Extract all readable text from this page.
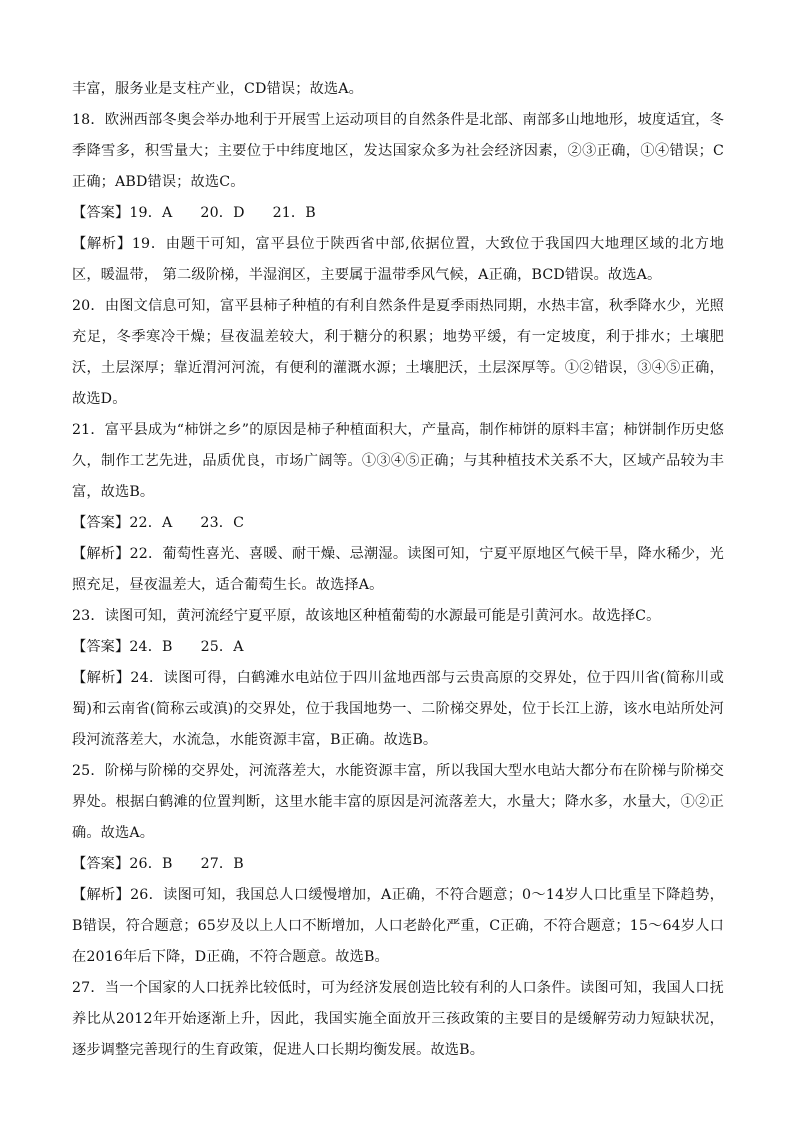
丰富，服务业是支柱产业，CD错误；故选A。

18．欧洲西部冬奥会举办地利于开展雪上运动项目的自然条件是北部、南部多山地地形，坡度适宜，冬季降雪多，积雪量大；主要位于中纬度地区，发达国家众多为社会经济因素，②③正确，①④错误；C正确；ABD错误；故选C。

【答案】19．A      20．D      21．B

【解析】19．由题干可知，富平县位于陕西省中部,依据位置，大致位于我国四大地理区域的北方地区，暖温带， 第二级阶梯，半湿润区，主要属于温带季风气候，A正确，BCD错误。故选A。

20．由图文信息可知，富平县柿子种植的有利自然条件是夏季雨热同期，水热丰富，秋季降水少，光照充足，冬季寒冷干燥；昼夜温差较大，利于糖分的积累；地势平缓，有一定坡度，利于排水；土壤肥沃，土层深厚；靠近渭河河流，有便利的灌溉水源；土壤肥沃，土层深厚等。①②错误，③④⑤正确，故选D。

21．富平县成为“柿饼之乡”的原因是柿子种植面积大，产量高，制作柿饼的原料丰富；柿饼制作历史悠久，制作工艺先进，品质优良，市场广阔等。①③④⑤正确；与其种植技术关系不大，区域产品较为丰富，故选B。

【答案】22．A      23．C

【解析】22．葡萄性喜光、喜暖、耐干燥、忌潮湿。读图可知，宁夏平原地区气候干旱，降水稀少，光照充足，昼夜温差大，适合葡萄生长。故选择A。

23．读图可知，黄河流经宁夏平原，故该地区种植葡萄的水源最可能是引黄河水。故选择C。

【答案】24．B      25．A

【解析】24．读图可得，白鹤滩水电站位于四川盆地西部与云贵高原的交界处，位于四川省(简称川或蜀)和云南省(简称云或滇)的交界处，位于我国地势一、二阶梯交界处，位于长江上游，该水电站所处河段河流落差大，水流急，水能资源丰富，B正确。故选B。

25．阶梯与阶梯的交界处，河流落差大，水能资源丰富，所以我国大型水电站大都分布在阶梯与阶梯交界处。根据白鹤滩的位置判断，这里水能丰富的原因是河流落差大，水量大；降水多，水量大，①②正确。故选A。

【答案】26．B      27．B

【解析】26．读图可知，我国总人口缓慢增加，A正确，不符合题意；0～14岁人口比重呈下降趋势，B错误，符合题意；65岁及以上人口不断增加，人口老龄化严重，C正确，不符合题意；15～64岁人口在2016年后下降，D正确，不符合题意。故选B。

27．当一个国家的人口抚养比较低时，可为经济发展创造比较有利的人口条件。读图可知，我国人口抚养比从2012年开始逐渐上升，因此，我国实施全面放开三孩政策的主要目的是缓解劳动力短缺状况，逐步调整完善现行的生育政策，促进人口长期均衡发展。故选B。
